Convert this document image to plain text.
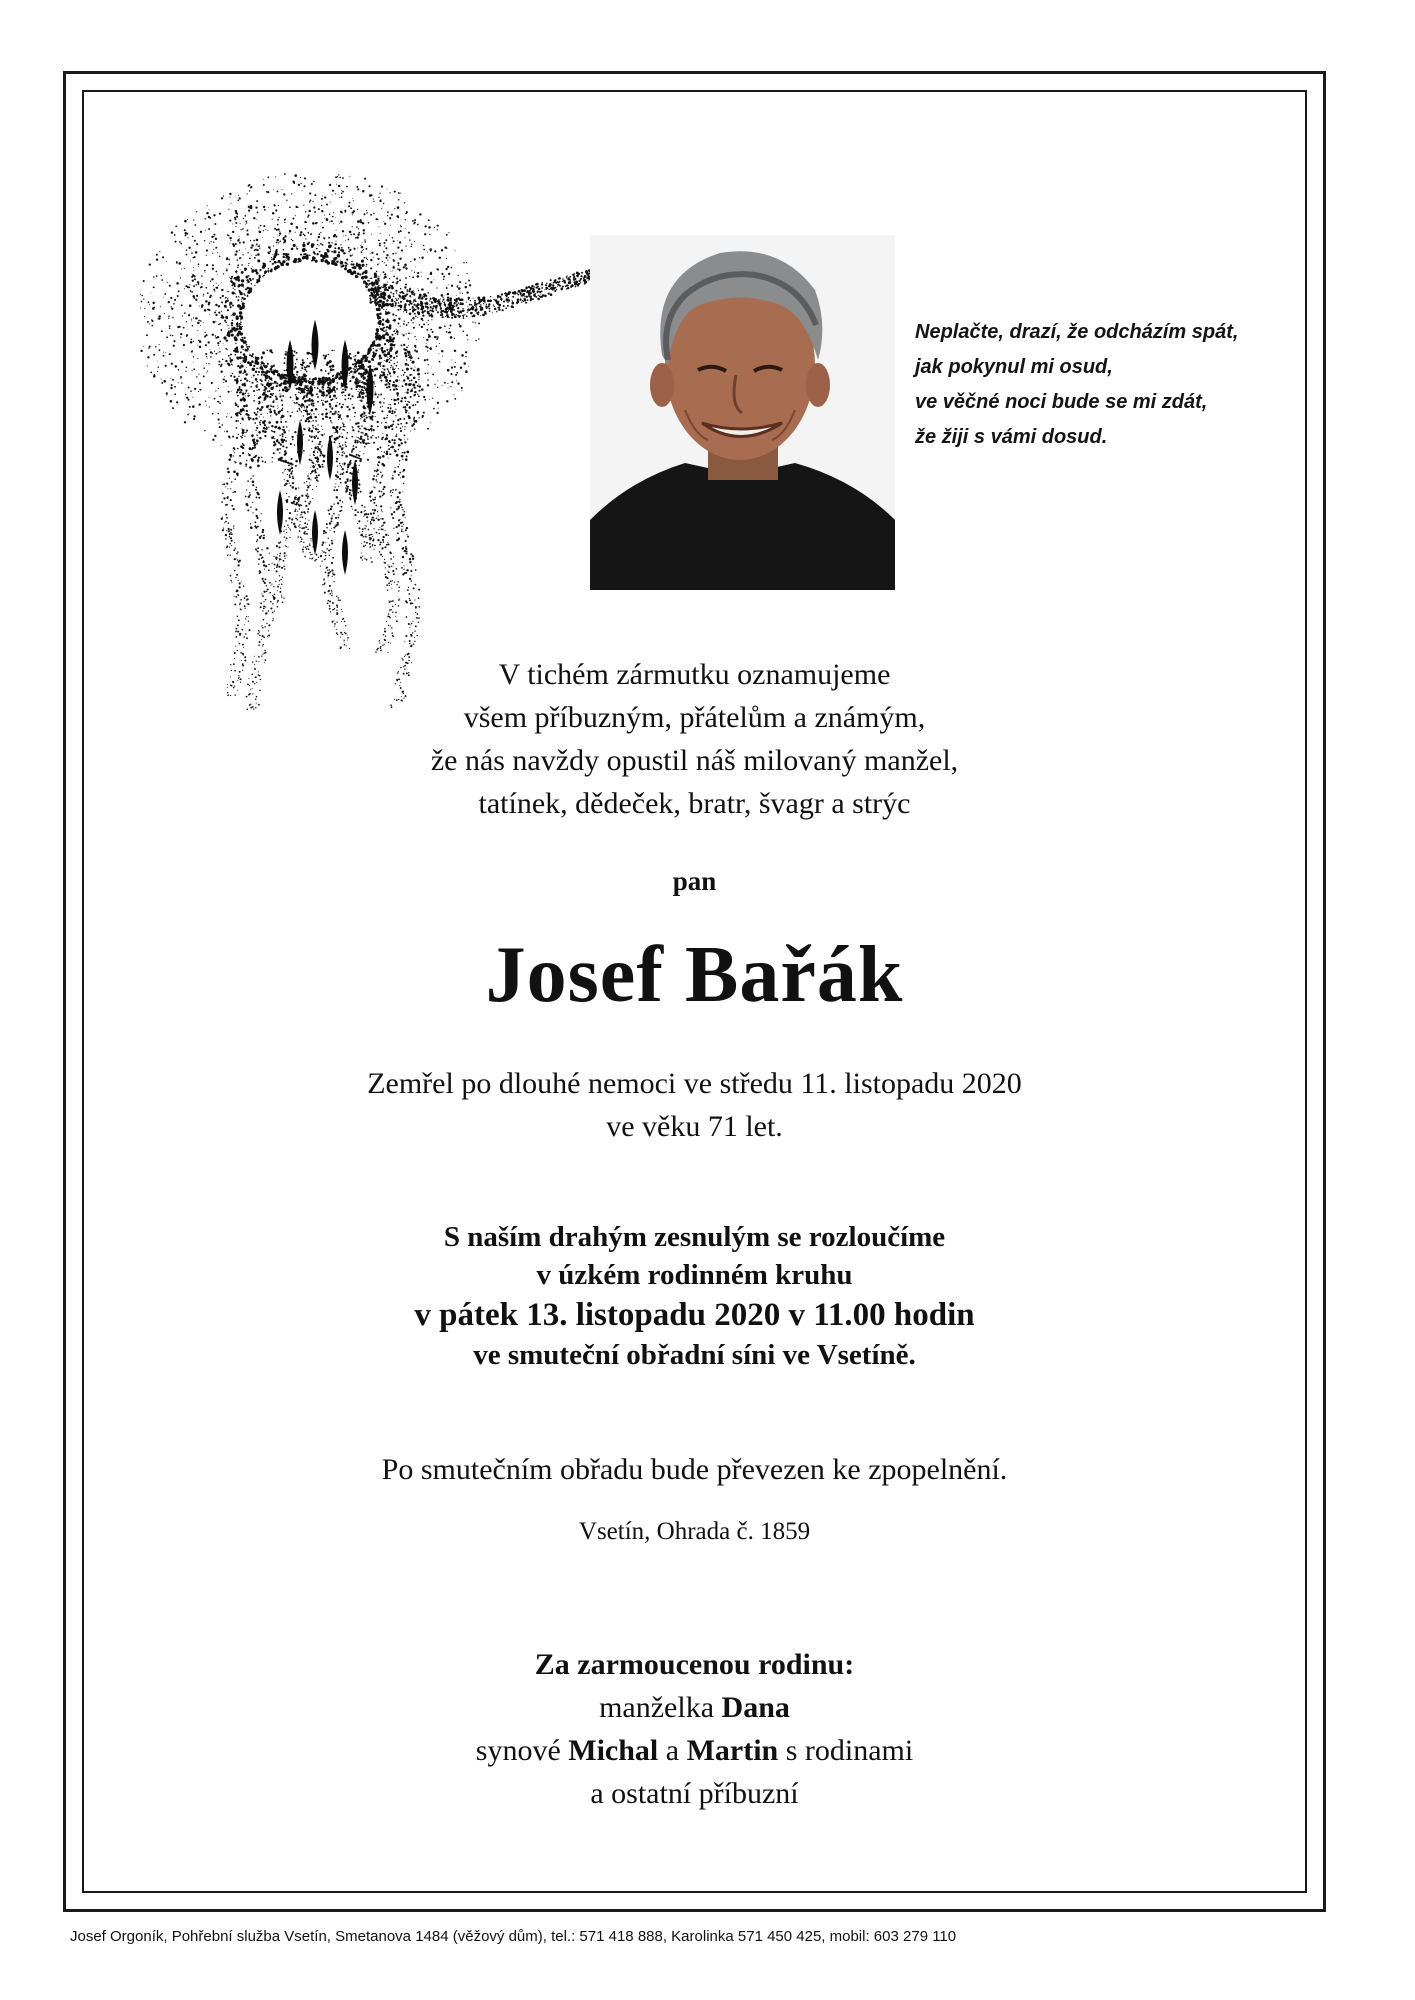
Neplačte, drazí, že odcházím spát,
jak pokynul mi osud,
ve věčné noci bude se mi zdát,
že žiji s vámi dosud.
V tichém zármutku oznamujeme
všem příbuzným, přátelům a známým,
že nás navždy opustil náš milovaný manžel,
tatínek, dědeček, bratr, švagr a strýc
pan
Josef Bařák
Zemřel po dlouhé nemoci ve středu 11. listopadu 2020
ve věku 71 let.
S naším drahým zesnulým se rozloučíme
v úzkém rodinném kruhu
v pátek 13. listopadu 2020 v 11.00 hodin
ve smuteční obřadní síni ve Vsetíně.
Po smutečním obřadu bude převezen ke zpopelnění.
Vsetín, Ohrada č. 1859
Za zarmoucenou rodinu:
manželka Dana
synové Michal a Martin s rodinami
a ostatní příbuzní
Josef Orgoník, Pohřební služba Vsetín, Smetanova 1484 (věžový dům), tel.: 571 418 888, Karolinka 571 450 425, mobil: 603 279 110
